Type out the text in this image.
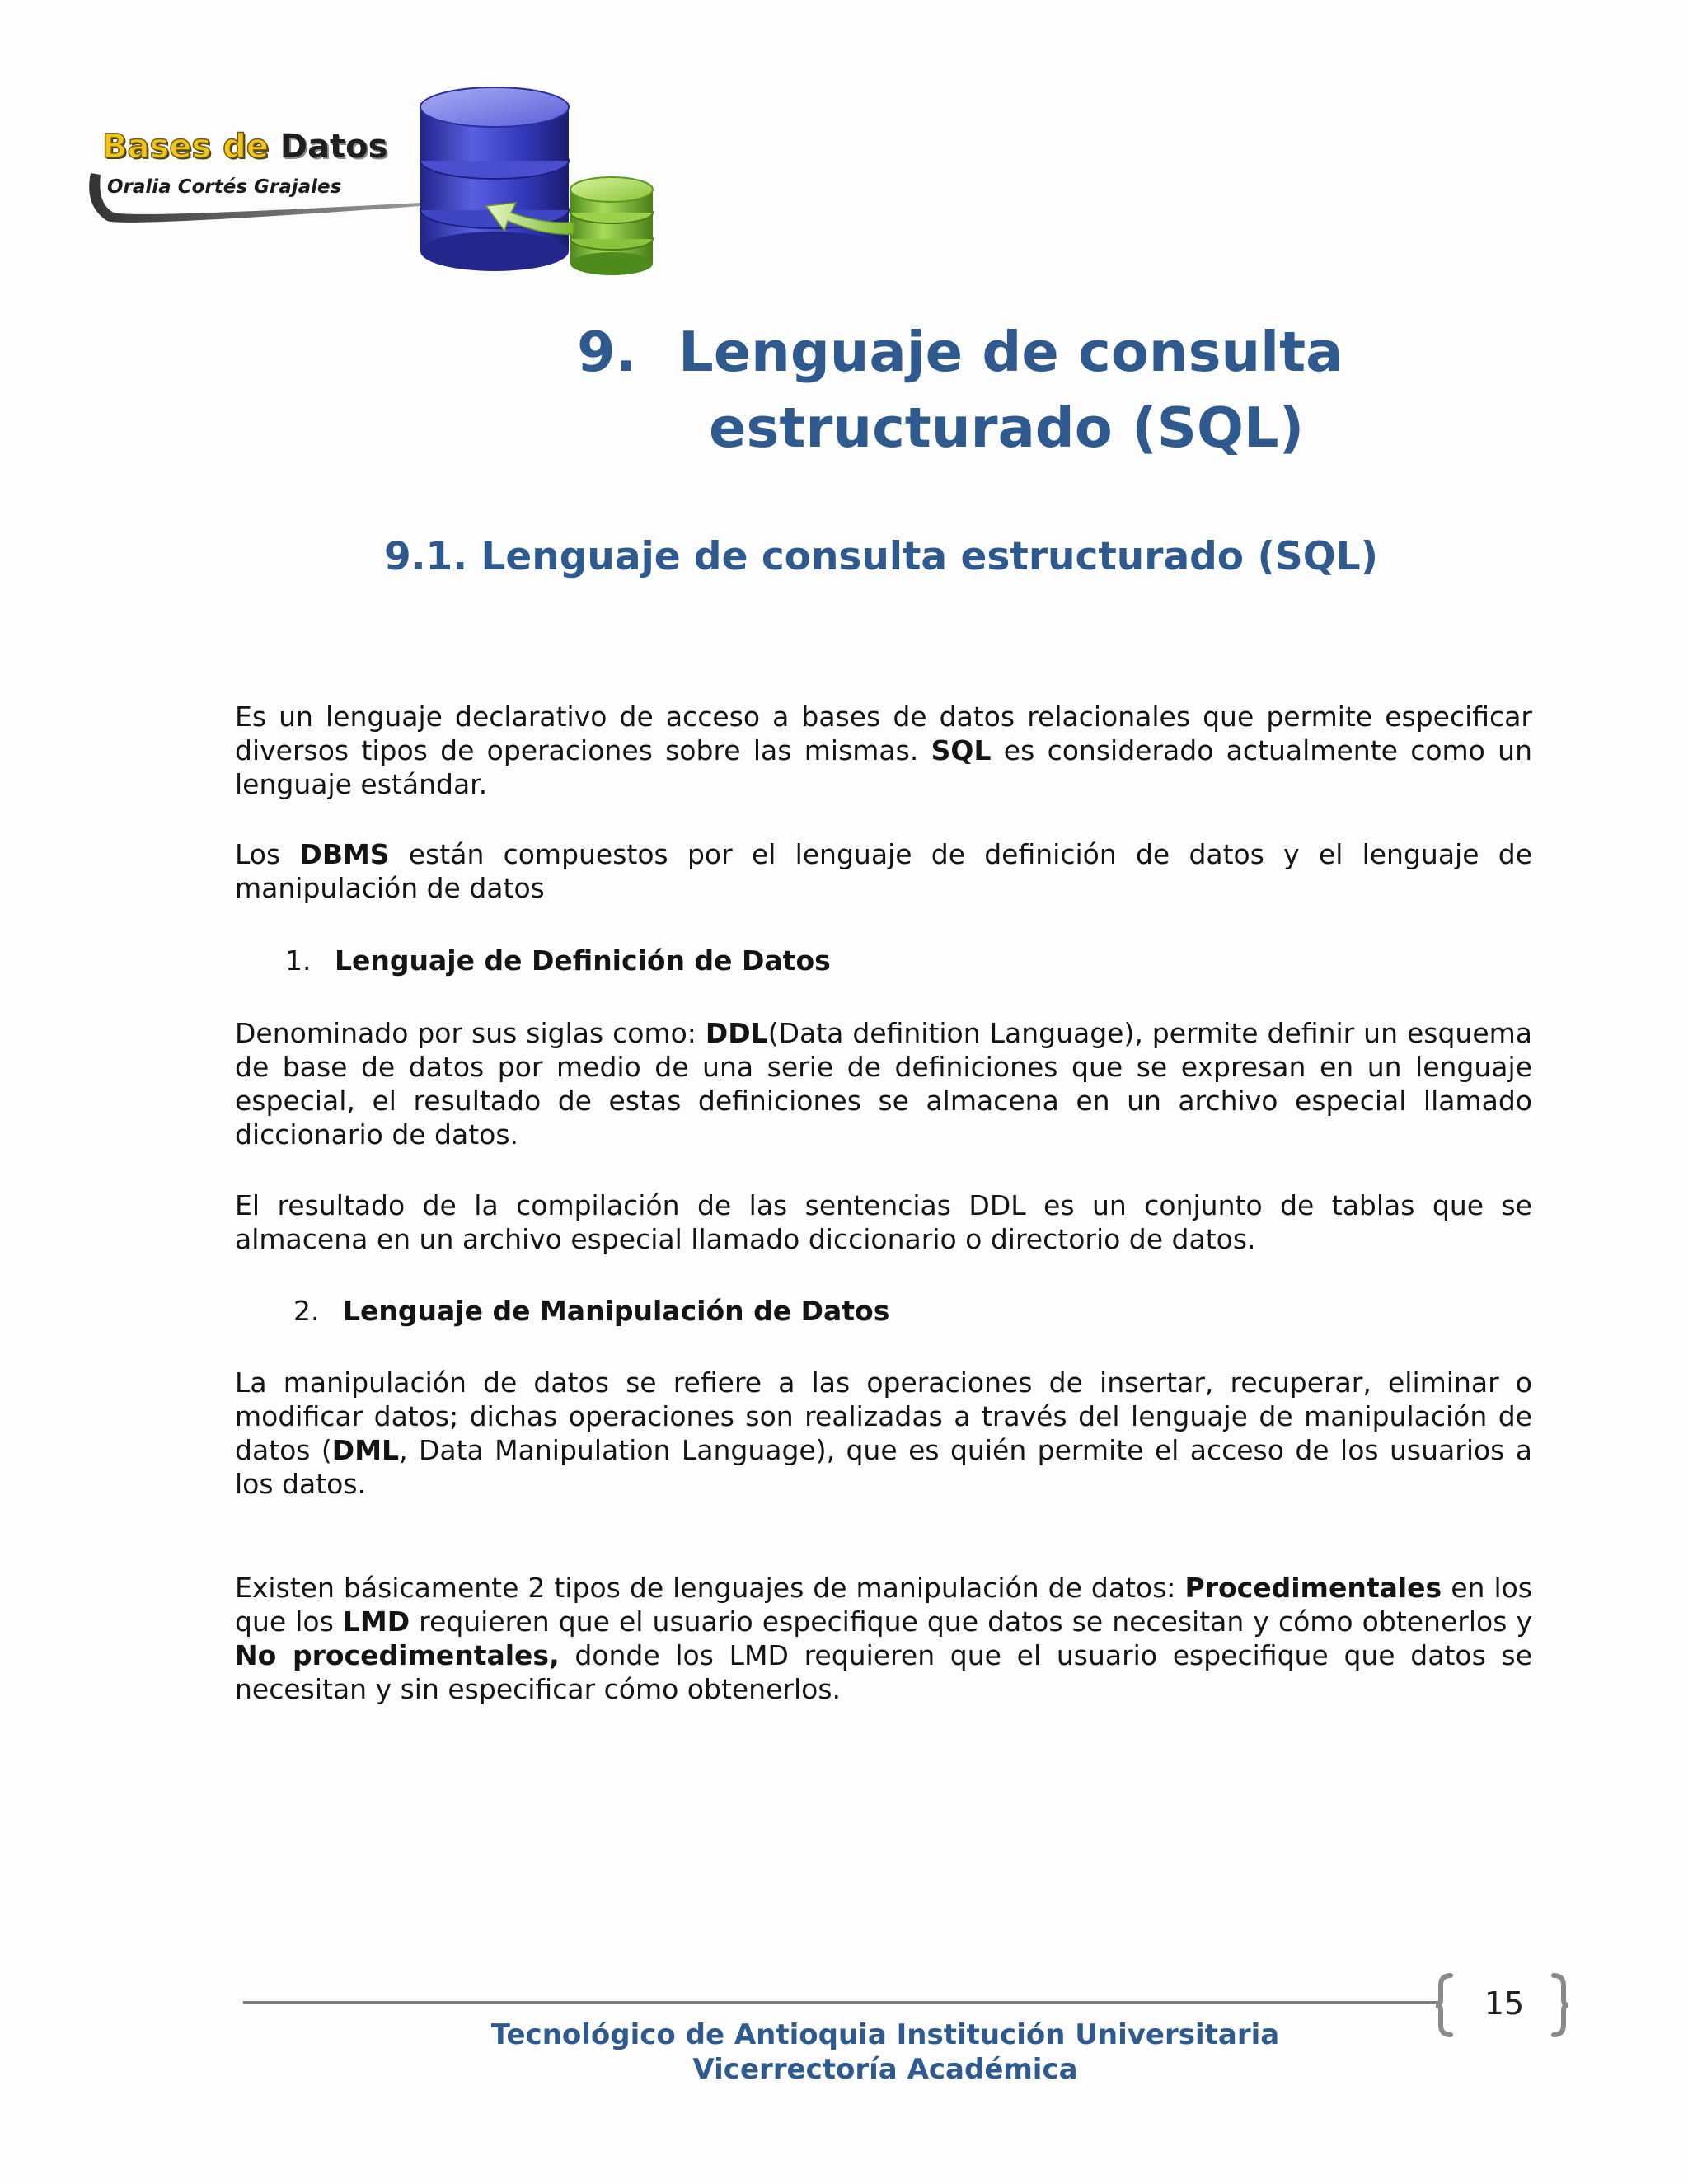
Bases de Datos
Oralia Cortés Grajales
9. Lenguaje de consulta
estructurado (SQL)
9.1. Lenguaje de consulta estructurado (SQL)
Es un lenguaje declarativo de acceso a bases de datos relacionales que permite especificar diversos tipos de operaciones sobre las mismas. SQL es considerado actualmente como un lenguaje estándar.
Los DBMS están compuestos por el lenguaje de definición de datos y el lenguaje de manipulación de datos
1. Lenguaje de Definición de Datos
Denominado por sus siglas como: DDL(Data definition Language), permite definir un esquema de base de datos por medio de una serie de definiciones que se expresan en un lenguaje especial, el resultado de estas definiciones se almacena en un archivo especial llamado diccionario de datos.
El resultado de la compilación de las sentencias DDL es un conjunto de tablas que se almacena en un archivo especial llamado diccionario o directorio de datos.
2. Lenguaje de Manipulación de Datos
La manipulación de datos se refiere a las operaciones de insertar, recuperar, eliminar o modificar datos; dichas operaciones son realizadas a través del lenguaje de manipulación de datos (DML, Data Manipulation Language), que es quién permite el acceso de los usuarios a los datos.
Existen básicamente 2 tipos de lenguajes de manipulación de datos: Procedimentales en los que los LMD requieren que el usuario especifique que datos se necesitan y cómo obtenerlos y No procedimentales, donde los LMD requieren que el usuario especifique que datos se necesitan y sin especificar cómo obtenerlos.
15
Tecnológico de Antioquia Institución Universitaria
Vicerrectoría Académica
